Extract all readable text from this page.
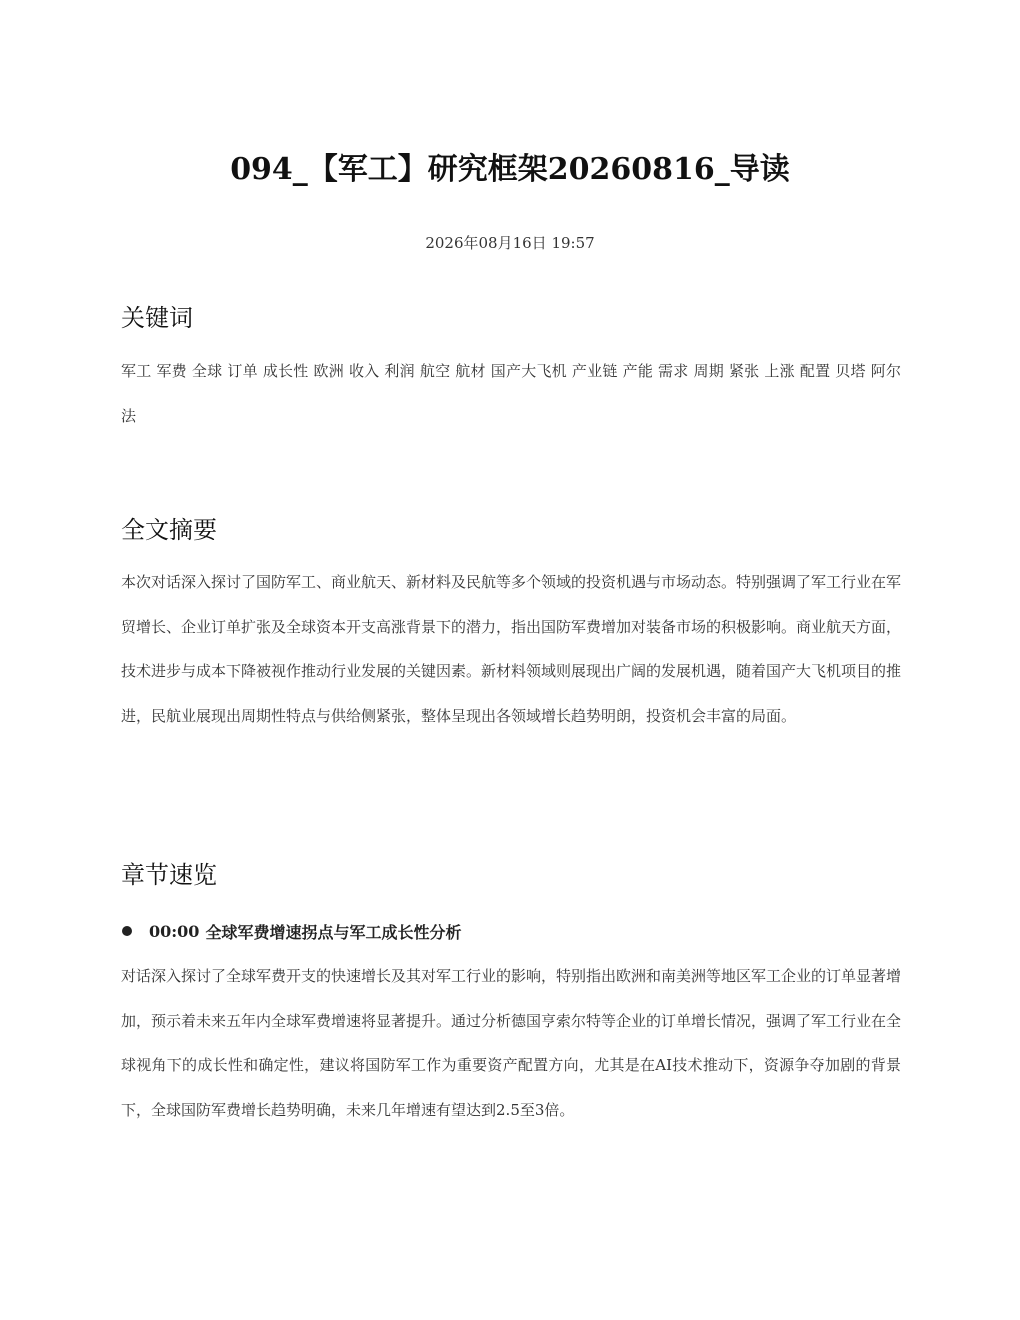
094_【军工】研究框架20260816_导读
2026年08月16日 19:57
关键词
军工 军费 全球 订单 成长性 欧洲 收入 利润 航空 航材 国产大飞机 产业链 产能 需求 周期 紧张 上涨 配置 贝塔 阿尔法
全文摘要
本次对话深入探讨了国防军工、商业航天、新材料及民航等多个领域的投资机遇与市场动态。特别强调了军工行业在军贸增长、企业订单扩张及全球资本开支高涨背景下的潜力，指出国防军费增加对装备市场的积极影响。商业航天方面，技术进步与成本下降被视作推动行业发展的关键因素。新材料领域则展现出广阔的发展机遇，随着国产大飞机项目的推进，民航业展现出周期性特点与供给侧紧张，整体呈现出各领域增长趋势明朗，投资机会丰富的局面。
章节速览
00:00 全球军费增速拐点与军工成长性分析
对话深入探讨了全球军费开支的快速增长及其对军工行业的影响，特别指出欧洲和南美洲等地区军工企业的订单显著增加，预示着未来五年内全球军费增速将显著提升。通过分析德国亨索尔特等企业的订单增长情况，强调了军工行业在全球视角下的成长性和确定性，建议将国防军工作为重要资产配置方向，尤其是在AI技术推动下，资源争夺加剧的背景下，全球国防军费增长趋势明确，未来几年增速有望达到2.5至3倍。
